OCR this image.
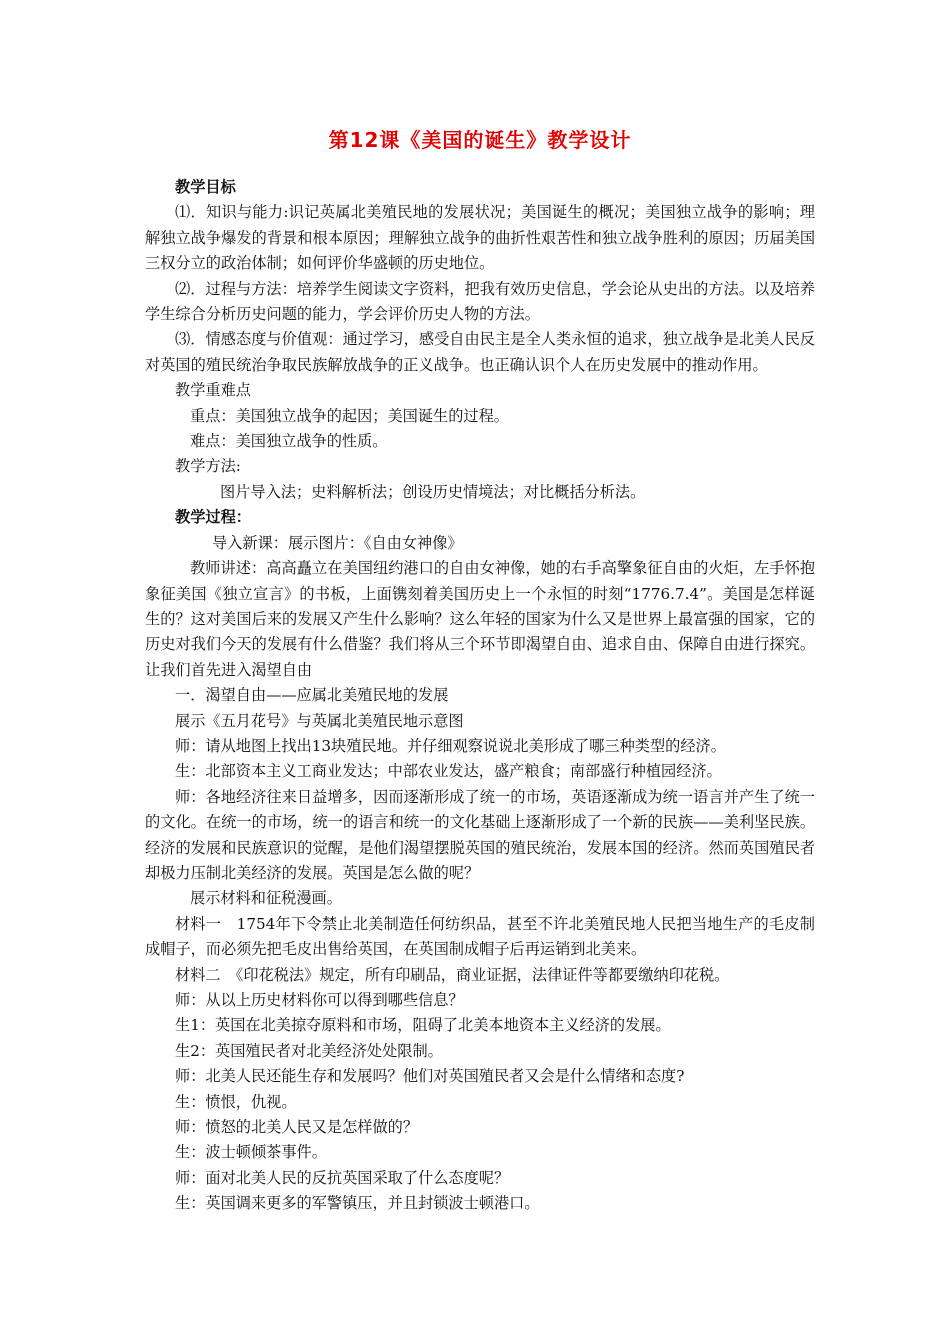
第12课《美国的诞生》教学设计

教学目标

⑴．知识与能力:识记英属北美殖民地的发展状况；美国诞生的概况；美国独立战争的影响；理解独立战争爆发的背景和根本原因；理解独立战争的曲折性艰苦性和独立战争胜利的原因；历届美国三权分立的政治体制；如何评价华盛顿的历史地位。

⑵．过程与方法：培养学生阅读文字资料，把我有效历史信息，学会论从史出的方法。以及培养学生综合分析历史问题的能力，学会评价历史人物的方法。

⑶．情感态度与价值观：通过学习，感受自由民主是全人类永恒的追求，独立战争是北美人民反对英国的殖民统治争取民族解放战争的正义战争。也正确认识个人在历史发展中的推动作用。

教学重难点

重点：美国独立战争的起因；美国诞生的过程。

难点：美国独立战争的性质。

教学方法:

图片导入法；史料解析法；创设历史情境法；对比概括分析法。

教学过程：

导入新课：展示图片：《自由女神像》

教师讲述：高高矗立在美国纽约港口的自由女神像，她的右手高擎象征自由的火炬，左手怀抱象征美国《独立宣言》的书板，上面镌刻着美国历史上一个永恒的时刻“1776.7.4”。美国是怎样诞生的？这对美国后来的发展又产生什么影响？这么年轻的国家为什么又是世界上最富强的国家，它的历史对我们今天的发展有什么借鉴？我们将从三个环节即渴望自由、追求自由、保障自由进行探究。让我们首先进入渴望自由

一．渴望自由——应属北美殖民地的发展

展示《五月花号》与英属北美殖民地示意图

师：请从地图上找出13块殖民地。并仔细观察说说北美形成了哪三种类型的经济。

生：北部资本主义工商业发达；中部农业发达，盛产粮食；南部盛行种植园经济。

师：各地经济往来日益增多，因而逐渐形成了统一的市场，英语逐渐成为统一语言并产生了统一的文化。在统一的市场，统一的语言和统一的文化基础上逐渐形成了一个新的民族——美利坚民族。经济的发展和民族意识的觉醒，是他们渴望摆脱英国的殖民统治，发展本国的经济。然而英国殖民者却极力压制北美经济的发展。英国是怎么做的呢？

展示材料和征税漫画。

材料一　1754年下令禁止北美制造任何纺织品，甚至不许北美殖民地人民把当地生产的毛皮制成帽子，而必须先把毛皮出售给英国，在英国制成帽子后再运销到北美来。

材料二　《印花税法》规定，所有印刷品，商业证据，法律证件等都要缴纳印花税。

师：从以上历史材料你可以得到哪些信息？

生1：英国在北美掠夺原料和市场，阻碍了北美本地资本主义经济的发展。

生2：英国殖民者对北美经济处处限制。

师：北美人民还能生存和发展吗？他们对英国殖民者又会是什么情绪和态度?

生：愤恨，仇视。

师：愤怒的北美人民又是怎样做的？

生：波士顿倾茶事件。

师：面对北美人民的反抗英国采取了什么态度呢？

生：英国调来更多的军警镇压，并且封锁波士顿港口。
